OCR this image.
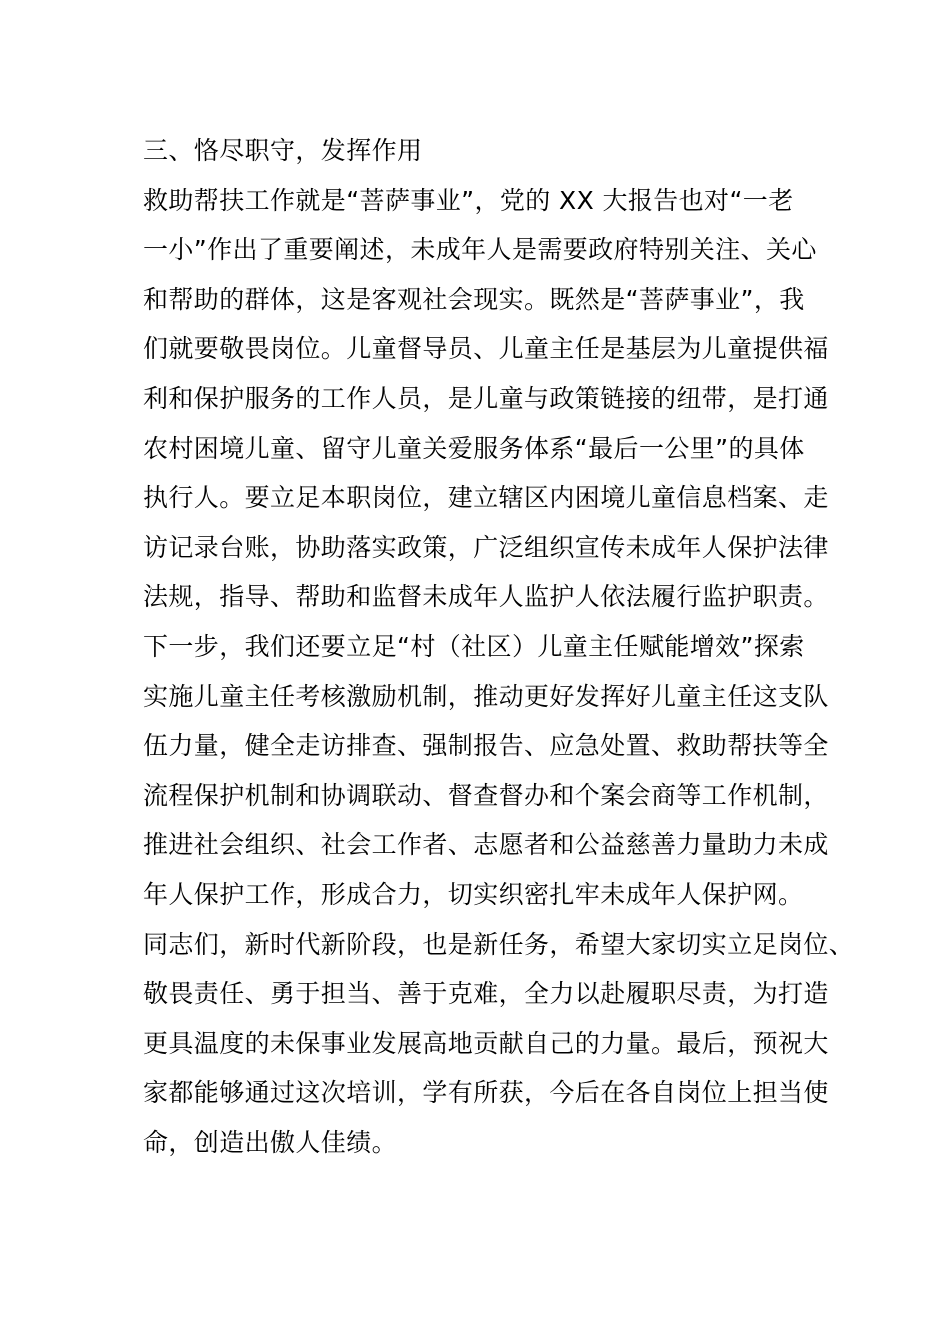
三、恪尽职守，发挥作用
救助帮扶工作就是“菩萨事业”，党的 XX 大报告也对“一老
一小”作出了重要阐述，未成年人是需要政府特别关注、关心
和帮助的群体，这是客观社会现实。既然是“菩萨事业”，我
们就要敬畏岗位。儿童督导员、儿童主任是基层为儿童提供福
利和保护服务的工作人员，是儿童与政策链接的纽带，是打通
农村困境儿童、留守儿童关爱服务体系“最后一公里”的具体
执行人。要立足本职岗位，建立辖区内困境儿童信息档案、走
访记录台账，协助落实政策，广泛组织宣传未成年人保护法律
法规，指导、帮助和监督未成年人监护人依法履行监护职责。
下一步，我们还要立足“村（社区）儿童主任赋能增效”探索
实施儿童主任考核激励机制，推动更好发挥好儿童主任这支队
伍力量，健全走访排查、强制报告、应急处置、救助帮扶等全
流程保护机制和协调联动、督查督办和个案会商等工作机制，
推进社会组织、社会工作者、志愿者和公益慈善力量助力未成
年人保护工作，形成合力，切实织密扎牢未成年人保护网。
同志们，新时代新阶段，也是新任务，希望大家切实立足岗位、
敬畏责任、勇于担当、善于克难，全力以赴履职尽责，为打造
更具温度的未保事业发展高地贡献自己的力量。最后，预祝大
家都能够通过这次培训，学有所获，今后在各自岗位上担当使
命，创造出傲人佳绩。
